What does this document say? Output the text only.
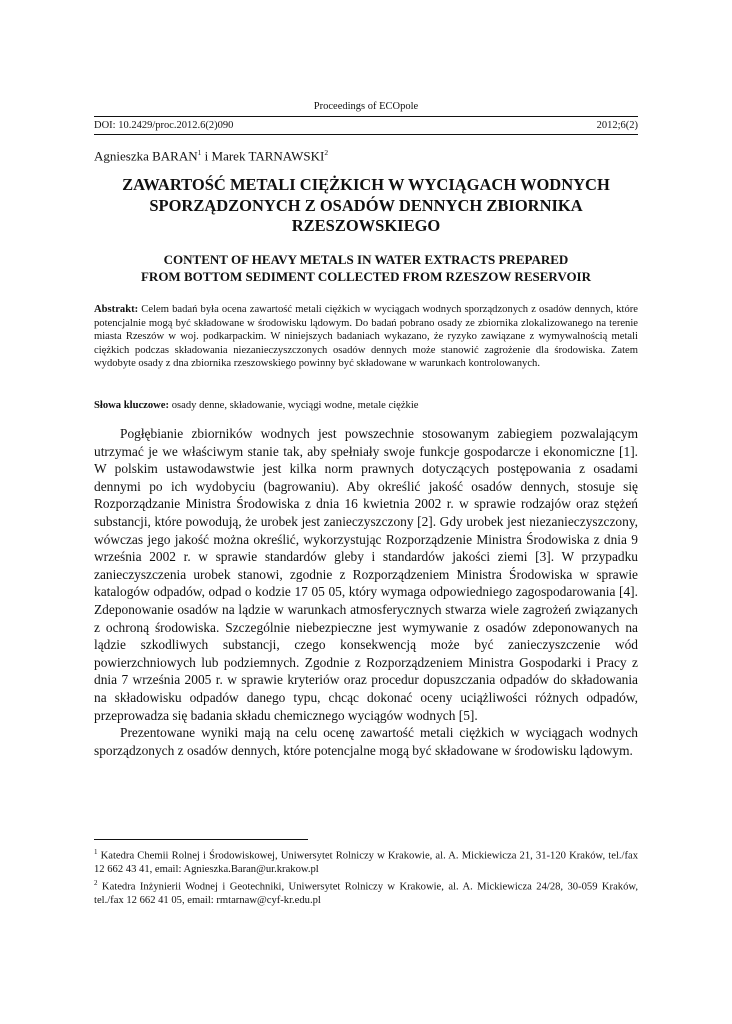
Proceedings of ECOpole
DOI: 10.2429/proc.2012.6(2)090	2012;6(2)
Agnieszka BARAN$^1$ i Marek TARNAWSKI$^2$
ZAWARTOŚĆ METALI CIĘŻKICH W WYCIĄGACH WODNYCH
SPORZĄDZONYCH Z OSADÓW DENNYCH ZBIORNIKA
RZESZOWSKIEGO
CONTENT OF HEAVY METALS IN WATER EXTRACTS PREPARED
FROM BOTTOM SEDIMENT COLLECTED FROM RZESZOW RESERVOIR
Abstrakt: Celem badań była ocena zawartość metali ciężkich w wyciągach wodnych sporządzonych z osadów dennych, które potencjalnie mogą być składowane w środowisku lądowym. Do badań pobrano osady ze zbiornika zlokalizowanego na terenie miasta Rzeszów w woj. podkarpackim. W niniejszych badaniach wykazano, że ryzyko zawiązane z wymywalnością metali ciężkich podczas składowania niezanieczyszczonych osadów dennych może stanowić zagrożenie dla środowiska. Zatem wydobyte osady z dna zbiornika rzeszowskiego powinny być składowane w warunkach kontrolowanych.
Słowa kluczowe: osady denne, składowanie, wyciągi wodne, metale ciężkie

Pogłębianie zbiorników wodnych jest powszechnie stosowanym zabiegiem pozwalającym utrzymać je we właściwym stanie tak, aby spełniały swoje funkcje gospodarcze i ekonomiczne [1]. W polskim ustawodawstwie jest kilka norm prawnych dotyczących postępowania z osadami dennymi po ich wydobyciu (bagrowaniu). Aby określić jakość osadów dennych, stosuje się Rozporządzanie Ministra Środowiska z dnia 16 kwietnia 2002 r. w sprawie rodzajów oraz stężeń substancji, które powodują, że urobek jest zanieczyszczony [2]. Gdy urobek jest niezanieczyszczony, wówczas jego jakość można określić, wykorzystując Rozporządzenie Ministra Środowiska z dnia 9 września 2002 r. w sprawie standardów gleby i standardów jakości ziemi [3]. W przypadku zanieczyszczenia urobek stanowi, zgodnie z Rozporządzeniem Ministra Środowiska w sprawie katalogów odpadów, odpad o kodzie 17 05 05, który wymaga odpowiedniego zagospodarowania [4]. Zdeponowanie osadów na lądzie w warunkach atmosferycznych stwarza wiele zagrożeń związanych z ochroną środowiska. Szczególnie niebezpieczne jest wymywanie z osadów zdeponowanych na lądzie szkodliwych substancji, czego konsekwencją może być zanieczyszczenie wód powierzchniowych lub podziemnych. Zgodnie z Rozporządzeniem Ministra Gospodarki i Pracy z dnia 7 września 2005 r. w sprawie kryteriów oraz procedur dopuszczania odpadów do składowania na składowisku odpadów danego typu, chcąc dokonać oceny uciążliwości różnych odpadów, przeprowadza się badania składu chemicznego wyciągów wodnych [5].

Prezentowane wyniki mają na celu ocenę zawartość metali ciężkich w wyciągach wodnych sporządzonych z osadów dennych, które potencjalne mogą być składowane w środowisku lądowym.

$^1$ Katedra Chemii Rolnej i Środowiskowej, Uniwersytet Rolniczy w Krakowie, al. A. Mickiewicza 21, 31-120 Kraków, tel./fax 12 662 43 41, email: Agnieszka.Baran@ur.krakow.pl

$^2$ Katedra Inżynierii Wodnej i Geotechniki, Uniwersytet Rolniczy w Krakowie, al. A. Mickiewicza 24/28, 30-059 Kraków, tel./fax 12 662 41 05, email: rmtarnaw@cyf-kr.edu.pl
